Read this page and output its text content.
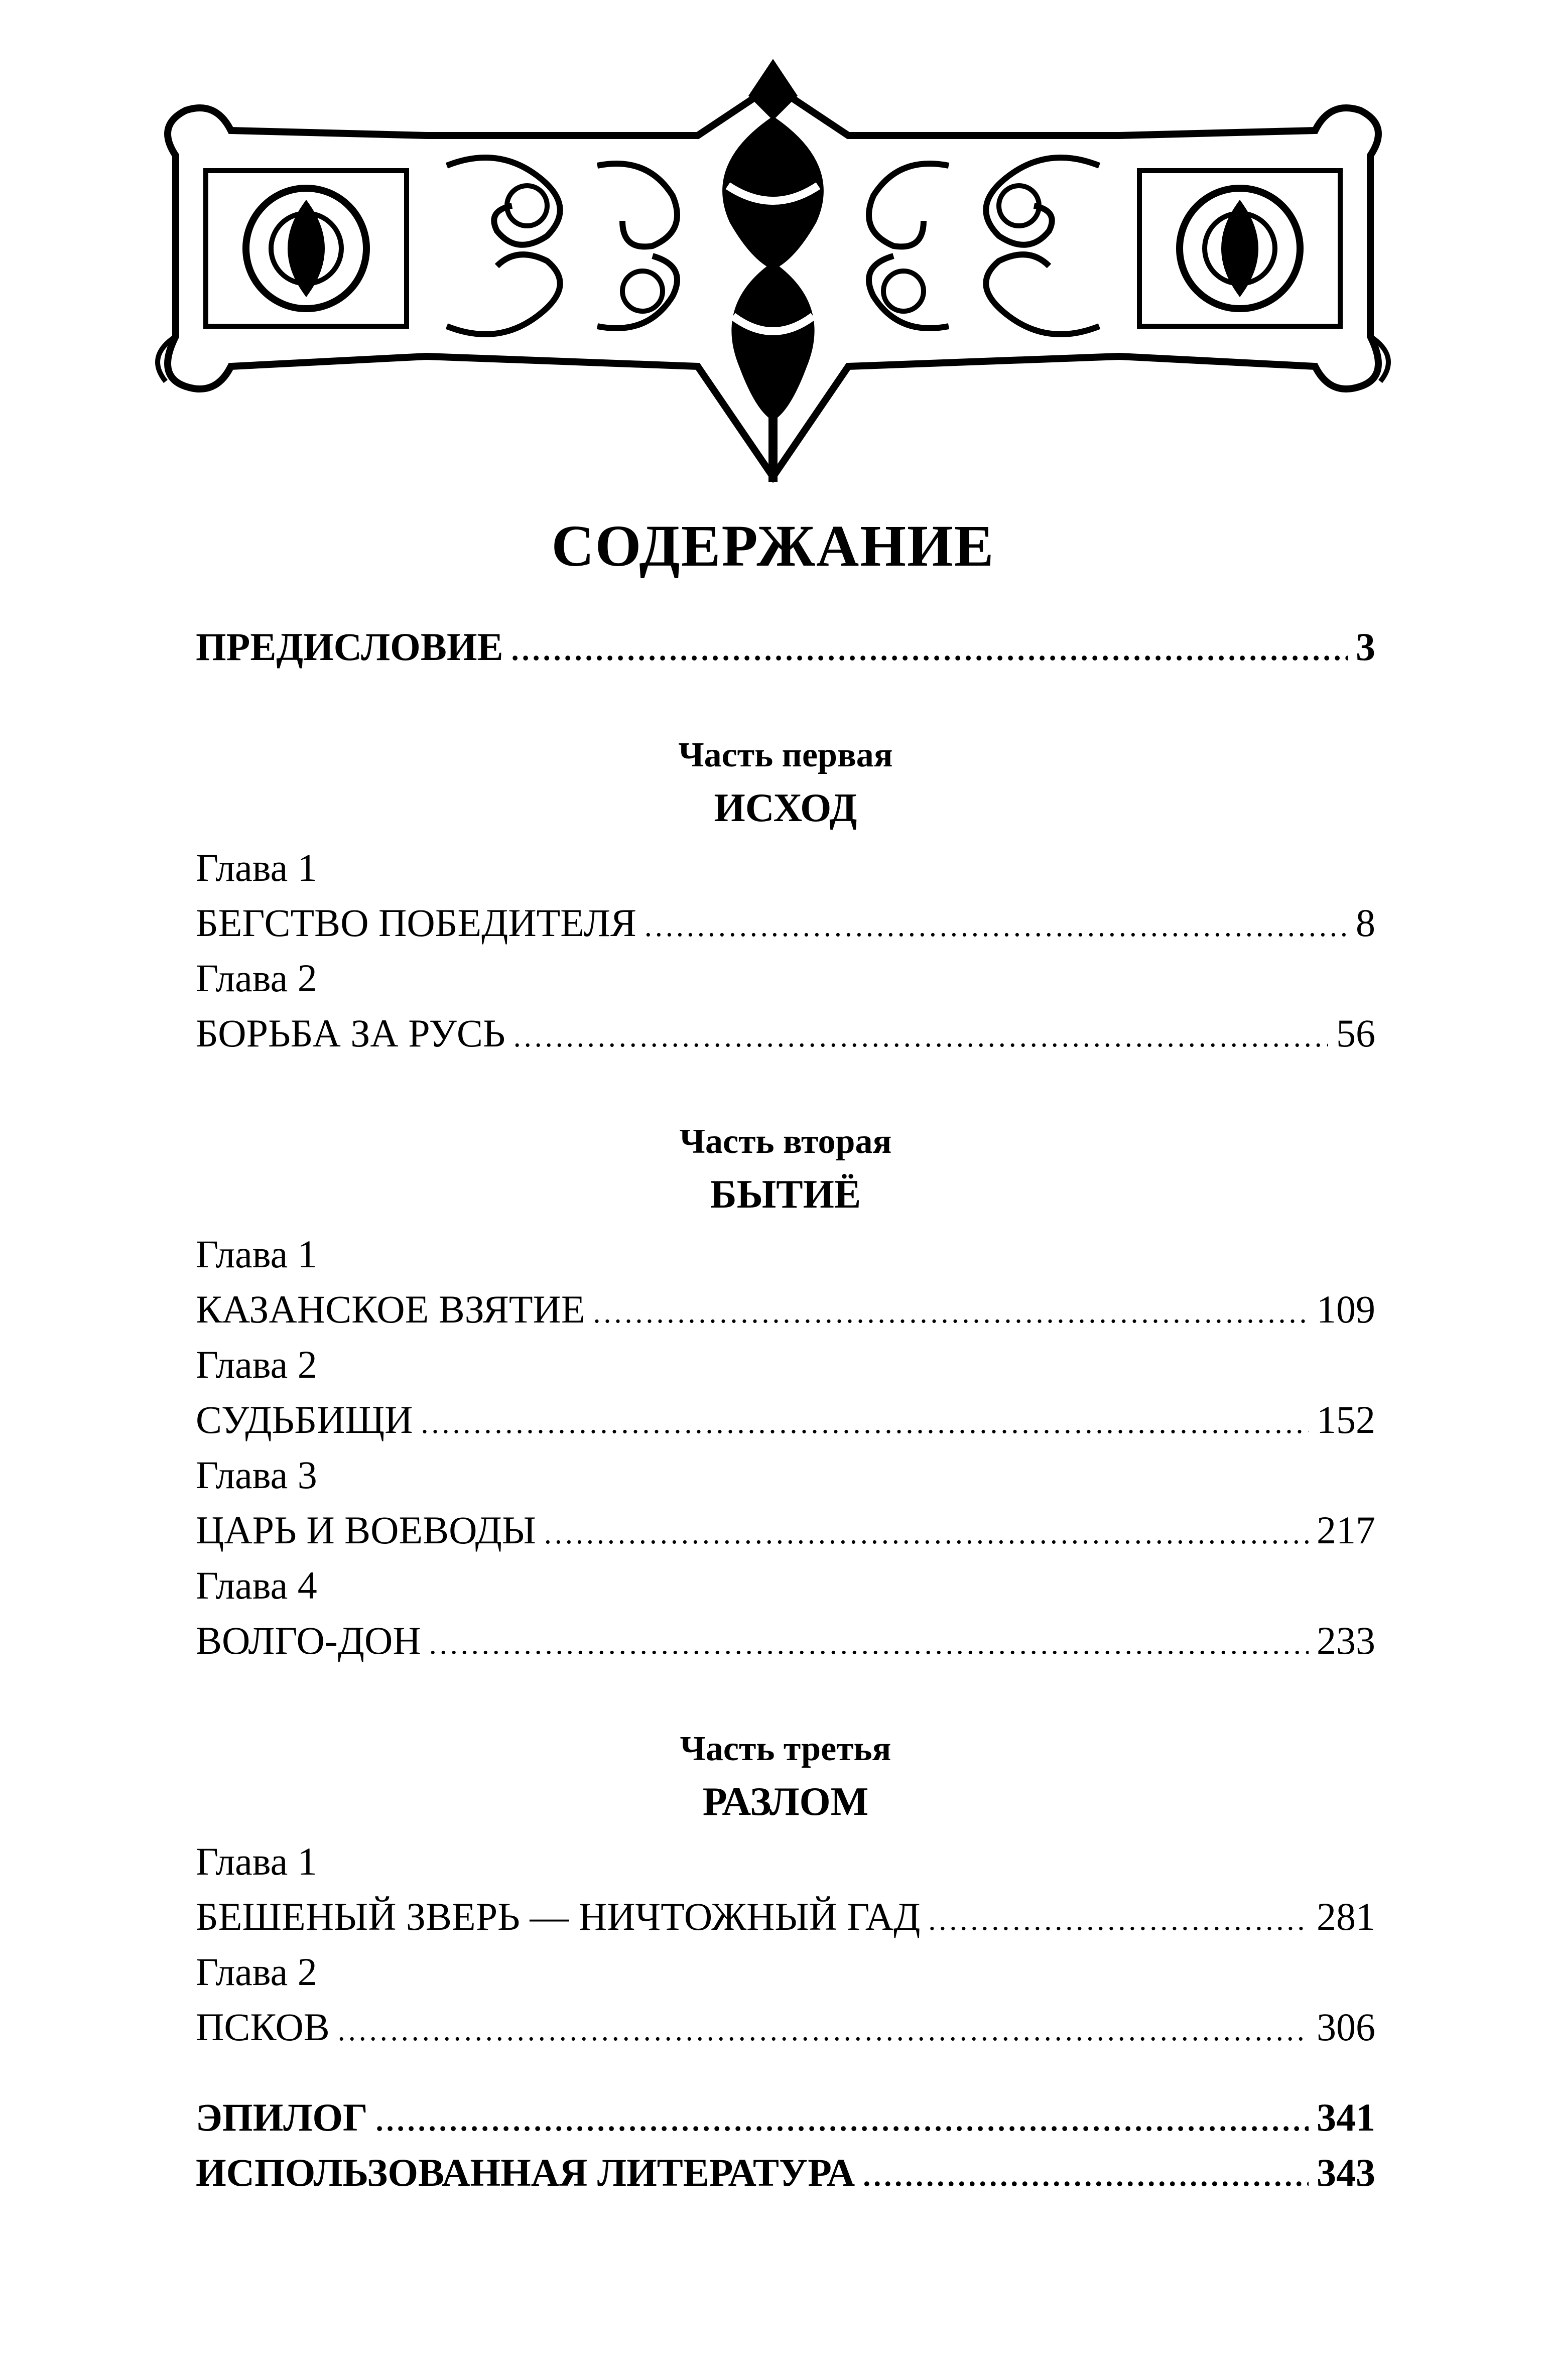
СОДЕРЖАНИЕ
ПРЕДИСЛОВИЕ .....	3
Часть первая
ИСХОД
Глава 1
БЕГСТВО ПОБЕДИТЕЛЯ .....	8
Глава 2
БОРЬБА ЗА РУСЬ .....	56
Часть вторая
БЫТИЁ
Глава 1
КАЗАНСКОЕ ВЗЯТИЕ .....	109
Глава 2
СУДЬБИЩИ .....	152
Глава 3
ЦАРЬ И ВОЕВОДЫ .....	217
Глава 4
ВОЛГО-ДОН .....	233
Часть третья
РАЗЛОМ
Глава 1
БЕШЕНЫЙ ЗВЕРЬ — НИЧТОЖНЫЙ ГАД .....	281
Глава 2
ПСКОВ .....	306
ЭПИЛОГ .....	341
ИСПОЛЬЗОВАННАЯ ЛИТЕРАТУРА .....	343
